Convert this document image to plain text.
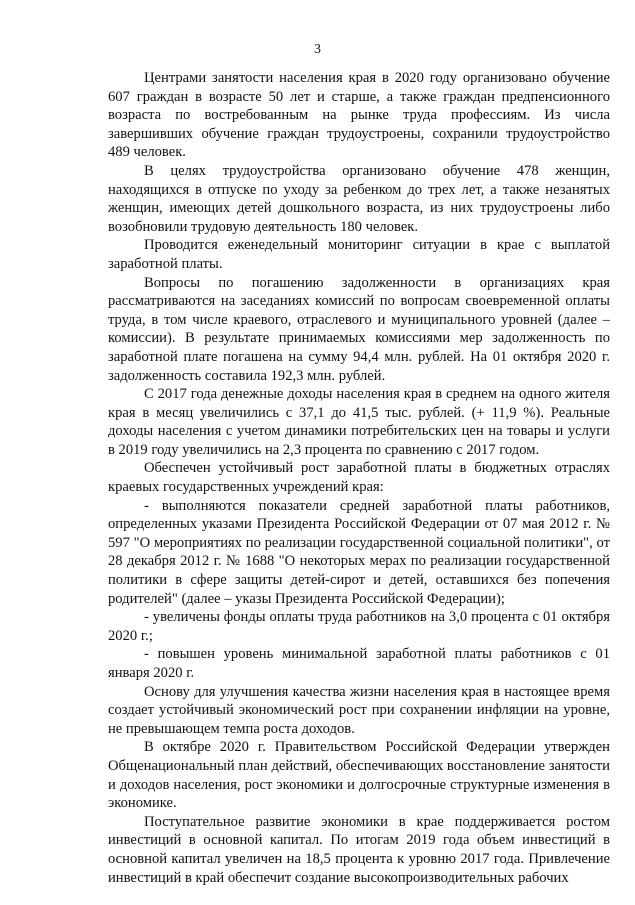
3

Центрами занятости населения края в 2020 году организовано обучение 607 граждан в возрасте 50 лет и старше, а также граждан предпенсионного возраста по востребованным на рынке труда профессиям. Из числа завершивших обучение граждан трудоустроены, сохранили трудоустройство 489 человек.

В целях трудоустройства организовано обучение 478 женщин, находящихся в отпуске по уходу за ребенком до трех лет, а также незанятых женщин, имеющих детей дошкольного возраста, из них трудоустроены либо возобновили трудовую деятельность 180 человек.

Проводится еженедельный мониторинг ситуации в крае с выплатой заработной платы.

Вопросы по погашению задолженности в организациях края рассматриваются на заседаниях комиссий по вопросам своевременной оплаты труда, в том числе краевого, отраслевого и муниципального уровней (далее – комиссии). В результате принимаемых комиссиями мер задолженность по заработной плате погашена на сумму 94,4 млн. рублей. На 01 октября 2020 г. задолженность составила 192,3 млн. рублей.

С 2017 года денежные доходы населения края в среднем на одного жителя края в месяц увеличились с 37,1 до 41,5 тыс. рублей. (+ 11,9 %). Реальные доходы населения с учетом динамики потребительских цен на товары и услуги в 2019 году увеличились на 2,3 процента по сравнению с 2017 годом.

Обеспечен устойчивый рост заработной платы в бюджетных отраслях краевых государственных учреждений края:

- выполняются показатели средней заработной платы работников, определенных указами Президента Российской Федерации от 07 мая 2012 г. № 597 "О мероприятиях по реализации государственной социальной политики", от 28 декабря 2012 г. № 1688 "О некоторых мерах по реализации государственной политики в сфере защиты детей-сирот и детей, оставшихся без попечения родителей" (далее – указы Президента Российской Федерации);

- увеличены фонды оплаты труда работников на 3,0 процента с 01 октября 2020 г.;

- повышен уровень минимальной заработной платы работников с 01 января 2020 г.

Основу для улучшения качества жизни населения края в настоящее время создает устойчивый экономический рост при сохранении инфляции на уровне, не превышающем темпа роста доходов.

В октябре 2020 г. Правительством Российской Федерации утвержден Общенациональный план действий, обеспечивающих восстановление занятости и доходов населения, рост экономики и долгосрочные структурные изменения в экономике.

Поступательное развитие экономики в крае поддерживается ростом инвестиций в основной капитал. По итогам 2019 года объем инвестиций в основной капитал увеличен на 18,5 процента к уровню 2017 года. Привлечение инвестиций в край обеспечит создание высокопроизводительных рабочих
